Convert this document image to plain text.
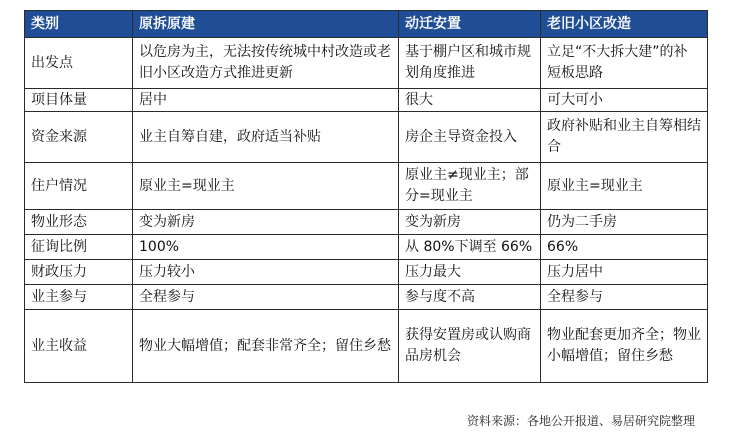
类别	原拆原建	动迁安置	老旧小区改造
出发点	以危房为主，无法按传统城中村改造或老旧小区改造方式推进更新	基于棚户区和城市规划角度推进	立足“不大拆大建”的补短板思路

项目体量	居中	很大	可大可小

资金来源	业主自筹自建，政府适当补贴	房企主导资金投入	政府补贴和业主自筹相结合

住户情况	原业主=现业主	原业主≠现业主；部分=现业主	原业主=现业主

物业形态	变为新房	变为新房	仍为二手房

征询比例	100%	从 80%下调至 66%	66%

财政压力	压力较小	压力最大	压力居中

业主参与	全程参与	参与度不高	全程参与

业主收益	物业大幅增值；配套非常齐全；留住乡愁	获得安置房或认购商品房机会	物业配套更加齐全；物业小幅增值；留住乡愁
资料来源：各地公开报道、易居研究院整理
